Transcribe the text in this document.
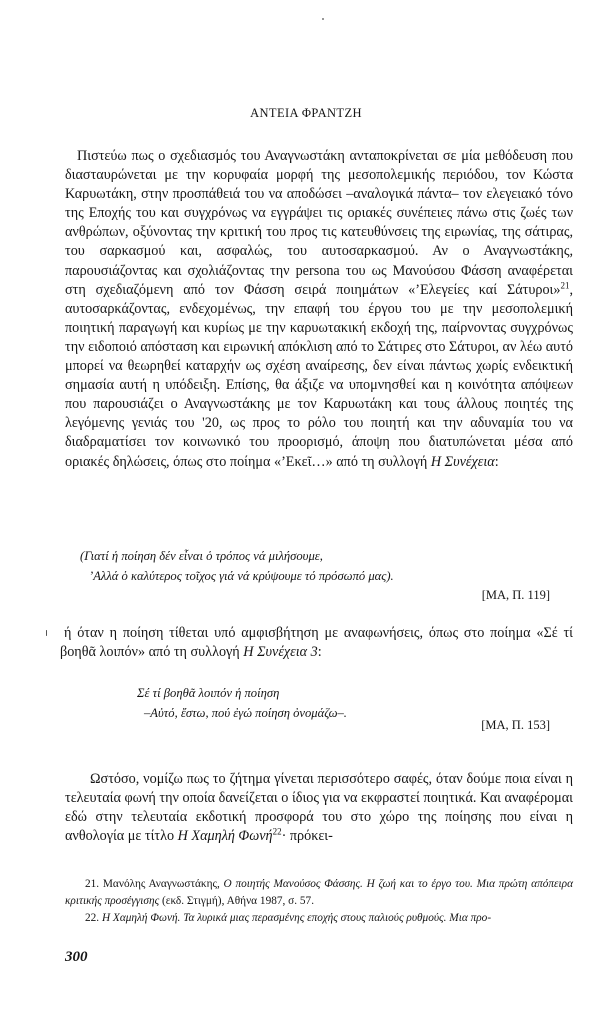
ΑΝΤΕΙΑ ΦΡΑΝΤΖΗ
Πιστεύω πως ο σχεδιασμός του Αναγνωστάκη ανταποκρίνεται σε μία μεθόδευση που διασταυρώνεται με την κορυφαία μορφή της μεσοπολεμικής περιόδου, τον Κώστα Καρυωτάκη, στην προσπάθειά του να αποδώσει –αναλογικά πάντα– τον ελεγειακό τόνο της Εποχής του και συγχρόνως να εγγράψει τις οριακές συνέπειες πάνω στις ζωές των ανθρώπων, οξύνοντας την κριτική του προς τις κατευθύνσεις της ειρωνίας, της σάτιρας, του σαρκασμού και, ασφαλώς, του αυτοσαρκασμού. Αν ο Αναγνωστάκης, παρουσιάζοντας και σχολιάζοντας την persona του ως Μανούσου Φάσση αναφέρεται στη σχεδιαζόμενη από τον Φάσση σειρά ποιημάτων «’Ελεγείες καί Σάτυροι»$^{21}$, αυτοσαρκάζοντας, ενδεχομένως, την επαφή του έργου του με την μεσοπολεμική ποιητική παραγωγή και κυρίως με την καρυωτακική εκδοχή της, παίρνοντας συγχρόνως την ειδοποιό απόσταση και ειρωνική απόκλιση από το Σάτιρες στο Σάτυροι, αν λέω αυτό μπορεί να θεωρηθεί καταρχήν ως σχέση αναίρεσης, δεν είναι πάντως χωρίς ενδεικτική σημασία αυτή η υπόδειξη. Επίσης, θα άξιζε να υπομνησθεί και η κοινότητα απόψεων που παρουσιάζει ο Αναγνωστάκης με τον Καρυωτάκη και τους άλλους ποιητές της λεγόμενης γενιάς του '20, ως προς το ρόλο του ποιητή και την αδυναμία του να διαδραματίσει τον κοινωνικό του προορισμό, άποψη που διατυπώνεται μέσα από οριακές δηλώσεις, όπως στο ποίημα «’Εκεῖ…» από τη συλλογή Η Συνέχεια:
(Γιατί ἡ ποίηση δέν εἶναι ὁ τρόπος νά μιλήσουμε,
’Αλλά ὁ καλύτερος τοῖχος γιά νά κρύψουμε τό πρόσωπό μας).
[ΜΑ, Π. 119]
ή όταν η ποίηση τίθεται υπό αμφισβήτηση με αναφωνήσεις, όπως στο ποίημα «Σέ τί βοηθᾶ λοιπόν» από τη συλλογή Η Συνέχεια 3:
Σέ τί βοηθᾶ λοιπόν ἡ ποίηση
–Αὐτό, ἔστω, πού ἐγώ ποίηση ὀνομάζω–.
[ΜΑ, Π. 153]
Ωστόσο, νομίζω πως το ζήτημα γίνεται περισσότερο σαφές, όταν δούμε ποια είναι η τελευταία φωνή την οποία δανείζεται ο ίδιος για να εκφραστεί ποιητικά. Και αναφέρομαι εδώ στην τελευταία εκδοτική προσφορά του στο χώρο της ποίησης που είναι η ανθολογία με τίτλο Η Χαμηλή Φωνή$^{22}$· πρόκει-
21. Μανόλης Αναγνωστάκης, Ο ποιητής Μανούσος Φάσσης. Η ζωή και το έργο του. Μια πρώτη απόπειρα κριτικής προσέγγισης (εκδ. Στιγμή), Αθήνα 1987, σ. 57.
22. Η Χαμηλή Φωνή. Τα λυρικά μιας περασμένης εποχής στους παλιούς ρυθμούς. Μια προ-
300
